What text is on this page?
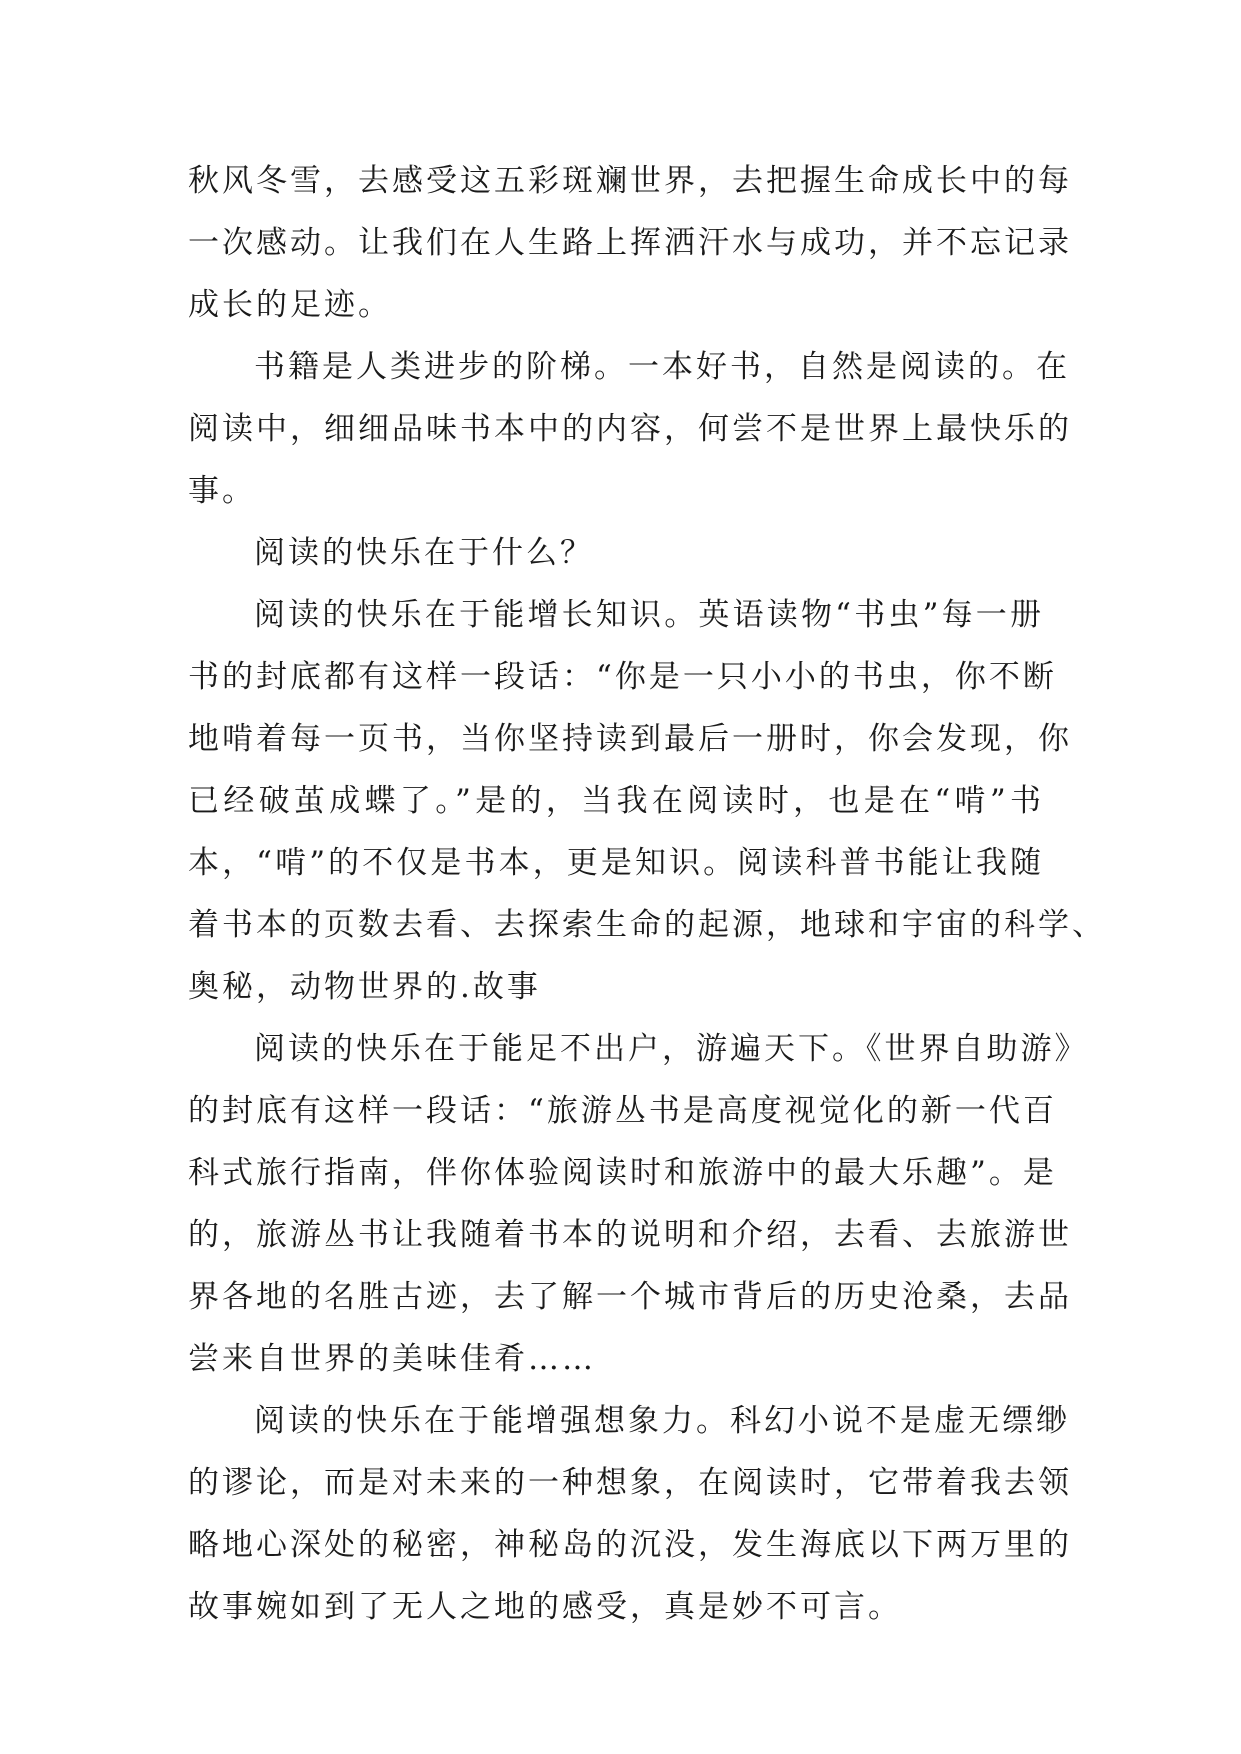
秋风冬雪，去感受这五彩斑斓世界，去把握生命成长中的每
一次感动。让我们在人生路上挥洒汗水与成功，并不忘记录
成长的足迹。
书籍是人类进步的阶梯。一本好书，自然是阅读的。在
阅读中，细细品味书本中的内容，何尝不是世界上最快乐的
事。
阅读的快乐在于什么？
阅读的快乐在于能增长知识。英语读物“书虫”每一册
书的封底都有这样一段话：“你是一只小小的书虫，你不断
地啃着每一页书，当你坚持读到最后一册时，你会发现，你
已经破茧成蝶了。”是的，当我在阅读时，也是在“啃”书
本，“啃”的不仅是书本，更是知识。阅读科普书能让我随
着书本的页数去看、去探索生命的起源，地球和宇宙的科学、
奥秘，动物世界的.故事
阅读的快乐在于能足不出户，游遍天下。《世界自助游》
的封底有这样一段话：“旅游丛书是高度视觉化的新一代百
科式旅行指南，伴你体验阅读时和旅游中的最大乐趣”。是
的，旅游丛书让我随着书本的说明和介绍，去看、去旅游世
界各地的名胜古迹，去了解一个城市背后的历史沧桑，去品
尝来自世界的美味佳肴……
阅读的快乐在于能增强想象力。科幻小说不是虚无缥缈
的谬论，而是对未来的一种想象，在阅读时，它带着我去领
略地心深处的秘密，神秘岛的沉没，发生海底以下两万里的
故事婉如到了无人之地的感受，真是妙不可言。
